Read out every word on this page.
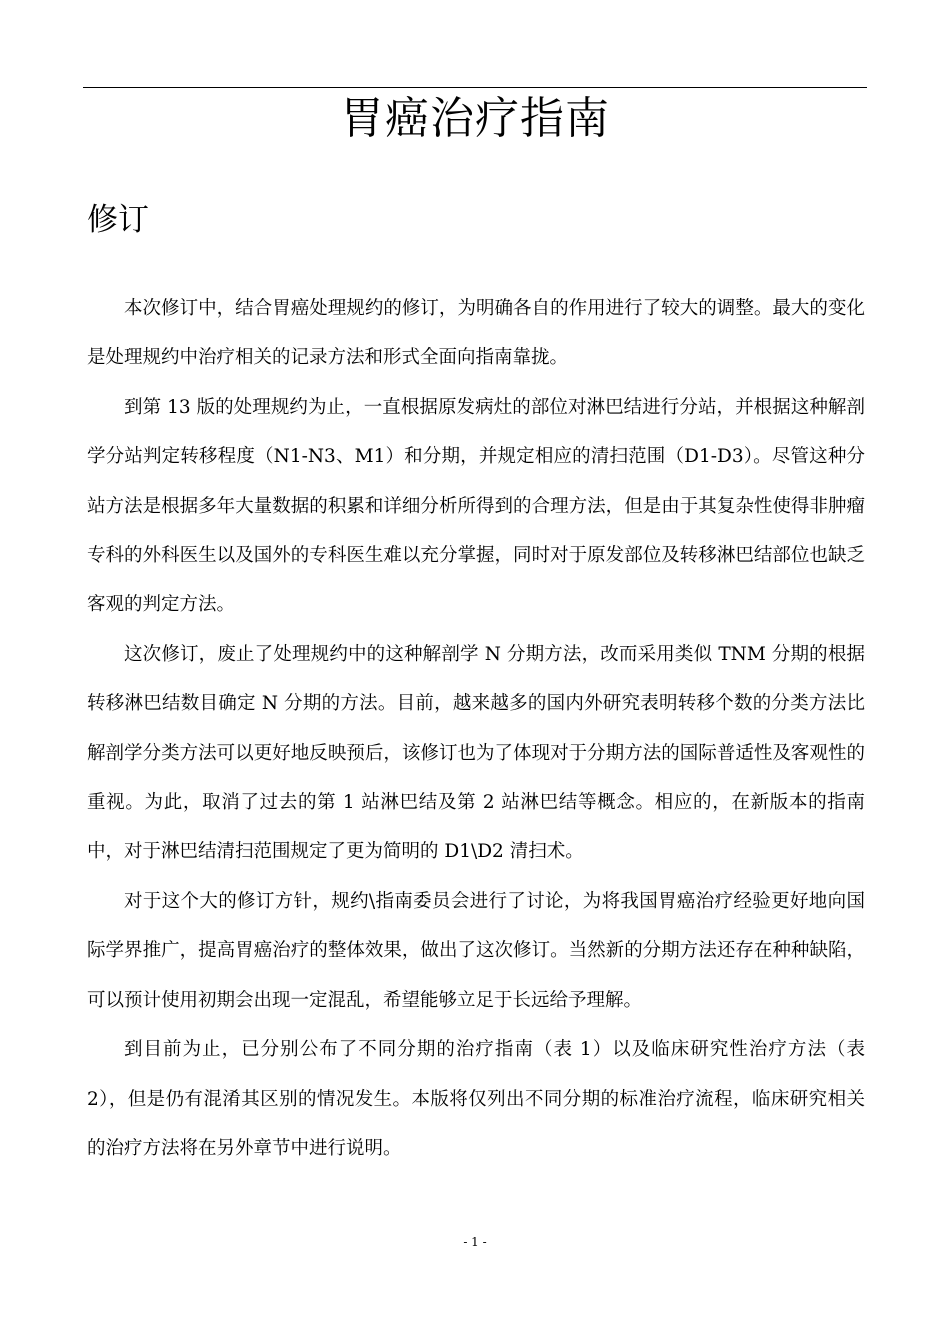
胃癌治疗指南
修订

本次修订中，结合胃癌处理规约的修订，为明确各自的作用进行了较大的调整。最大的变化是处理规约中治疗相关的记录方法和形式全面向指南靠拢。

到第 13 版的处理规约为止，一直根据原发病灶的部位对淋巴结进行分站，并根据这种解剖学分站判定转移程度（N1-N3、M1）和分期，并规定相应的清扫范围（D1-D3）。尽管这种分站方法是根据多年大量数据的积累和详细分析所得到的合理方法，但是由于其复杂性使得非肿瘤专科的外科医生以及国外的专科医生难以充分掌握，同时对于原发部位及转移淋巴结部位也缺乏客观的判定方法。

这次修订，废止了处理规约中的这种解剖学 N 分期方法，改而采用类似 TNM 分期的根据转移淋巴结数目确定 N 分期的方法。目前，越来越多的国内外研究表明转移个数的分类方法比解剖学分类方法可以更好地反映预后，该修订也为了体现对于分期方法的国际普适性及客观性的重视。为此，取消了过去的第 1 站淋巴结及第 2 站淋巴结等概念。相应的，在新版本的指南中，对于淋巴结清扫范围规定了更为简明的 D1\D2 清扫术。

对于这个大的修订方针，规约\指南委员会进行了讨论，为将我国胃癌治疗经验更好地向国际学界推广，提高胃癌治疗的整体效果，做出了这次修订。当然新的分期方法还存在种种缺陷，可以预计使用初期会出现一定混乱，希望能够立足于长远给予理解。

到目前为止，已分别公布了不同分期的治疗指南（表 1）以及临床研究性治疗方法（表 2），但是仍有混淆其区别的情况发生。本版将仅列出不同分期的标准治疗流程，临床研究相关的治疗方法将在另外章节中进行说明。

- 1 -
